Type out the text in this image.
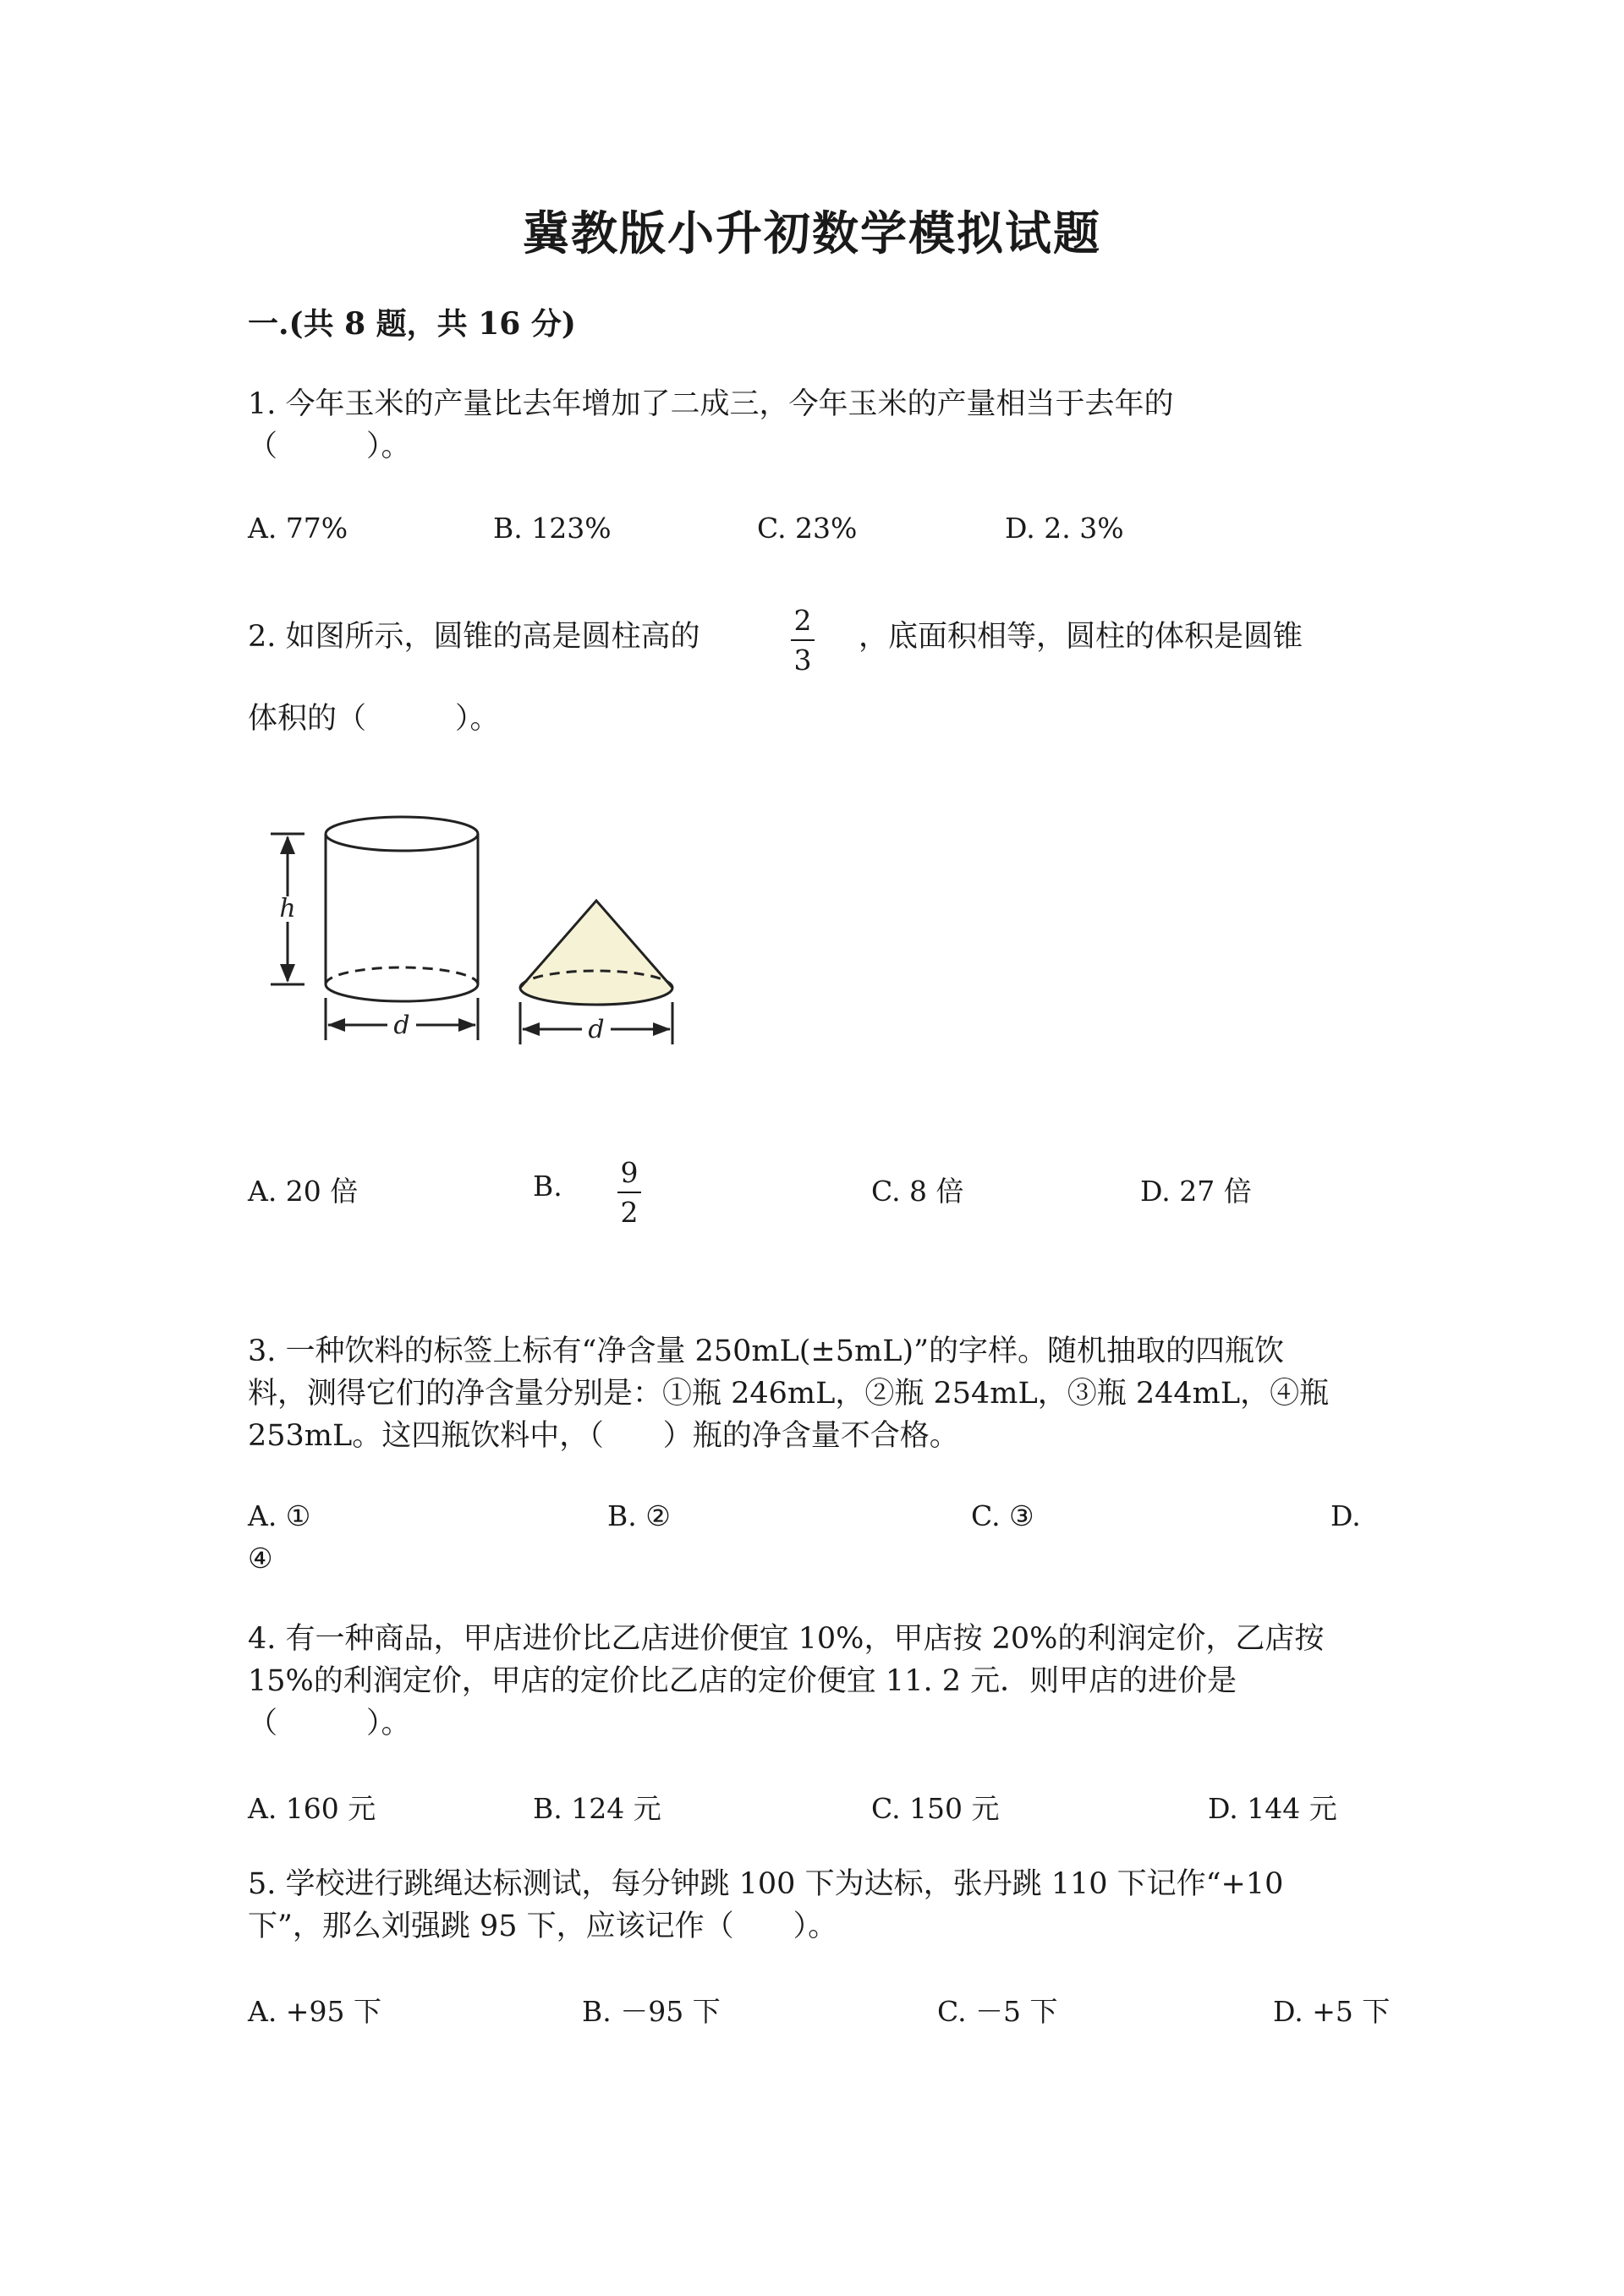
冀教版小升初数学模拟试题
一.(共 8 题，共 16 分)
1. 今年玉米的产量比去年增加了二成三，今年玉米的产量相当于去年的
（　　　）。
A. 77%	B. 123%	C. 23%	D. 2. 3%
2. 如图所示，圆锥的高是圆柱高的	2
3
，底面积相等，圆柱的体积是圆锥
体积的（　　　）。
h
d	d
A. 20 倍	B. 9
2
C. 8 倍	D. 27 倍
3. 一种饮料的标签上标有“净含量 250mL(±5mL)”的字样。随机抽取的四瓶饮
料，测得它们的净含量分别是：①瓶 246mL，②瓶 254mL，③瓶 244mL，④瓶
253mL。这四瓶饮料中，（　　）瓶的净含量不合格。
A. ①	B. ②	C. ③	D.
④
4. 有一种商品，甲店进价比乙店进价便宜 10%，甲店按 20%的利润定价，乙店按
15%的利润定价，甲店的定价比乙店的定价便宜 11. 2 元．则甲店的进价是
（　　　）。
A. 160 元	B. 124 元	C. 150 元	D. 144 元
5. 学校进行跳绳达标测试，每分钟跳 100 下为达标，张丹跳 110 下记作“+10
下”，那么刘强跳 95 下，应该记作（　　）。
A. +95 下	B. －95 下	C. －5 下	D. +5 下
